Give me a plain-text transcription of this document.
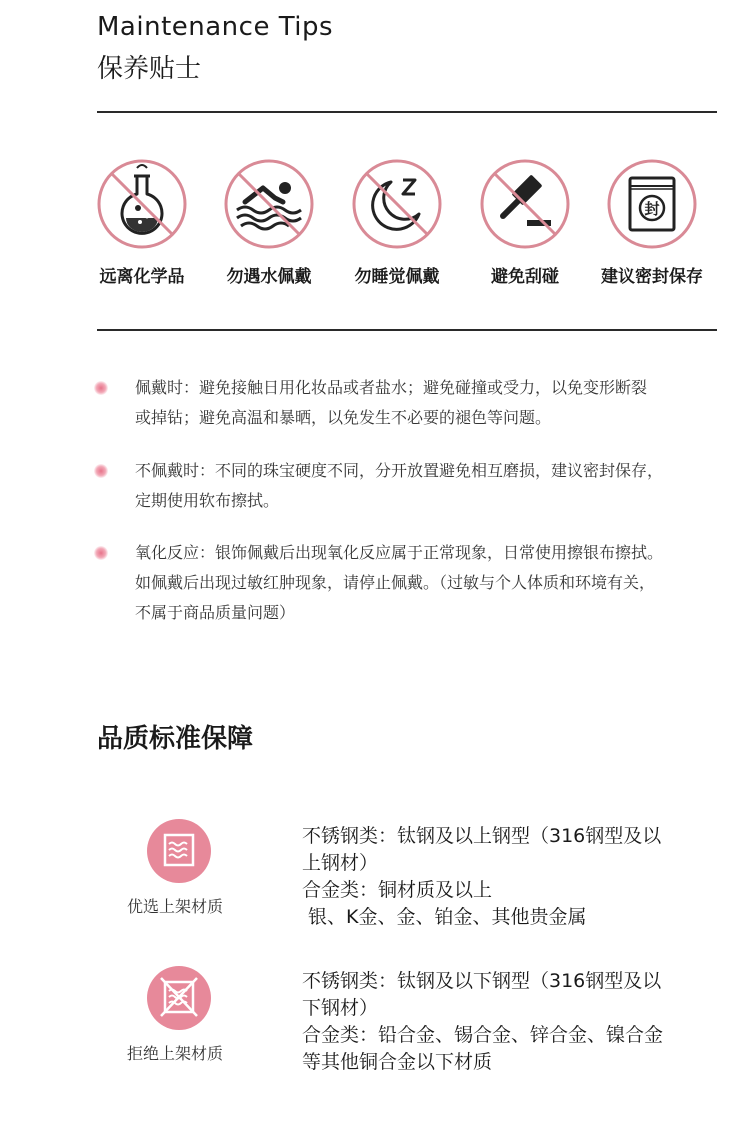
Maintenance Tips
保养贴士
远离化学品	勿遇水佩戴	勿睡觉佩戴	避免刮碰
封
建议密封保存
佩戴时：避免接触日用化妆品或者盐水；避免碰撞或受力，以免变形断裂
或掉钻；避免高温和暴晒，以免发生不必要的褪色等问题。
不佩戴时：不同的珠宝硬度不同，分开放置避免相互磨损，建议密封保存，
定期使用软布擦拭。
氧化反应：银饰佩戴后出现氧化反应属于正常现象，日常使用擦银布擦拭。
如佩戴后出现过敏红肿现象，请停止佩戴。（过敏与个人体质和环境有关，
不属于商品质量问题）
品质标准保障
优选上架材质
不锈钢类：钛钢及以上钢型（316钢型及以
上钢材）
合金类：铜材质及以上
银、K金、金、铂金、其他贵金属
拒绝上架材质
不锈钢类：钛钢及以下钢型（316钢型及以
下钢材）
合金类：铅合金、锡合金、锌合金、镍合金
等其他铜合金以下材质
